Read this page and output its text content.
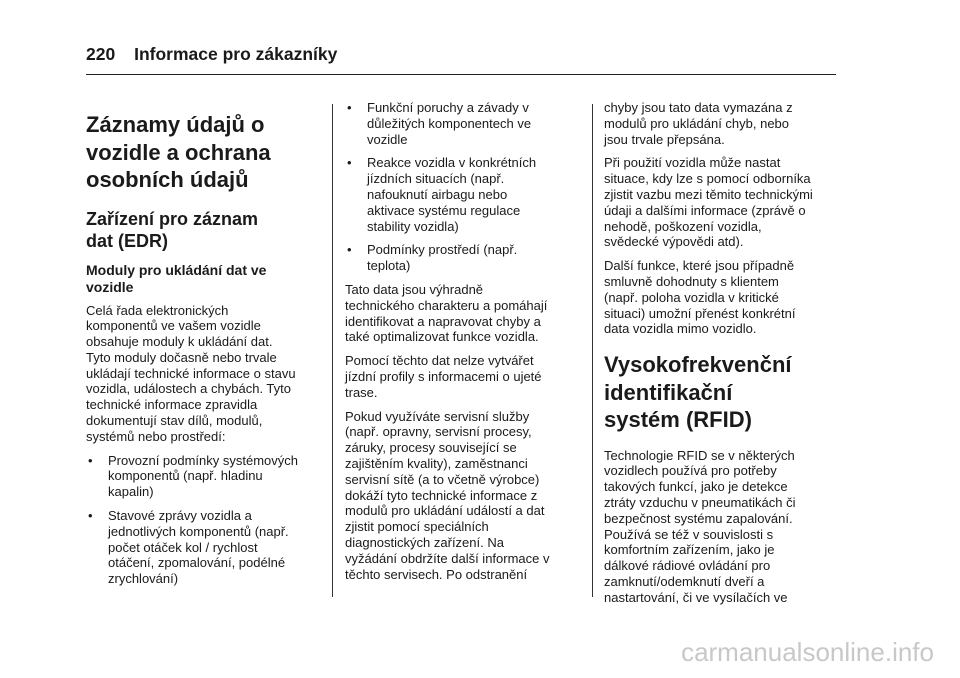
220 Informace pro zákazníky
Záznamy údajů o
vozidle a ochrana
osobních údajů
Zařízení pro záznam
dat (EDR)
Moduly pro ukládání dat ve
vozidle
Celá řada elektronických
komponentů ve vašem vozidle
obsahuje moduly k ukládání dat.
Tyto moduly dočasně nebo trvale
ukládají technické informace o stavu
vozidla, událostech a chybách. Tyto
technické informace zpravidla
dokumentují stav dílů, modulů,
systémů nebo prostředí:
• Provozní podmínky systémových
komponentů (např. hladinu
kapalin)
• Stavové zprávy vozidla a
jednotlivých komponentů (např.
počet otáček kol / rychlost
otáčení, zpomalování, podélné
zrychlování)
• Funkční poruchy a závady v
důležitých komponentech ve
vozidle
• Reakce vozidla v konkrétních
jízdních situacích (např.
nafouknutí airbagu nebo
aktivace systému regulace
stability vozidla)
• Podmínky prostředí (např.
teplota)
Tato data jsou výhradně
technického charakteru a pomáhají
identifikovat a napravovat chyby a
také optimalizovat funkce vozidla.
Pomocí těchto dat nelze vytvářet
jízdní profily s informacemi o ujeté
trase.
Pokud využíváte servisní služby
(např. opravny, servisní procesy,
záruky, procesy související se
zajištěním kvality), zaměstnanci
servisní sítě (a to včetně výrobce)
dokáží tyto technické informace z
modulů pro ukládání událostí a dat
zjistit pomocí speciálních
diagnostických zařízení. Na
vyžádání obdržíte další informace v
těchto servisech. Po odstranění
chyby jsou tato data vymazána z
modulů pro ukládání chyb, nebo
jsou trvale přepsána.
Při použití vozidla může nastat
situace, kdy lze s pomocí odborníka
zjistit vazbu mezi těmito technickými
údaji a dalšími informace (zprávě o
nehodě, poškození vozidla,
svědecké výpovědi atd).
Další funkce, které jsou případně
smluvně dohodnuty s klientem
(např. poloha vozidla v kritické
situaci) umožní přenést konkrétní
data vozidla mimo vozidlo.
Vysokofrekvenční
identifikační
systém (RFID)
Technologie RFID se v některých
vozidlech používá pro potřeby
takových funkcí, jako je detekce
ztráty vzduchu v pneumatikách či
bezpečnost systému zapalování.
Používá se též v souvislosti s
komfortním zařízením, jako je
dálkové rádiové ovládání pro
zamknutí/odemknutí dveří a
nastartování, či ve vysílačích ve
carmanualsonline.info
